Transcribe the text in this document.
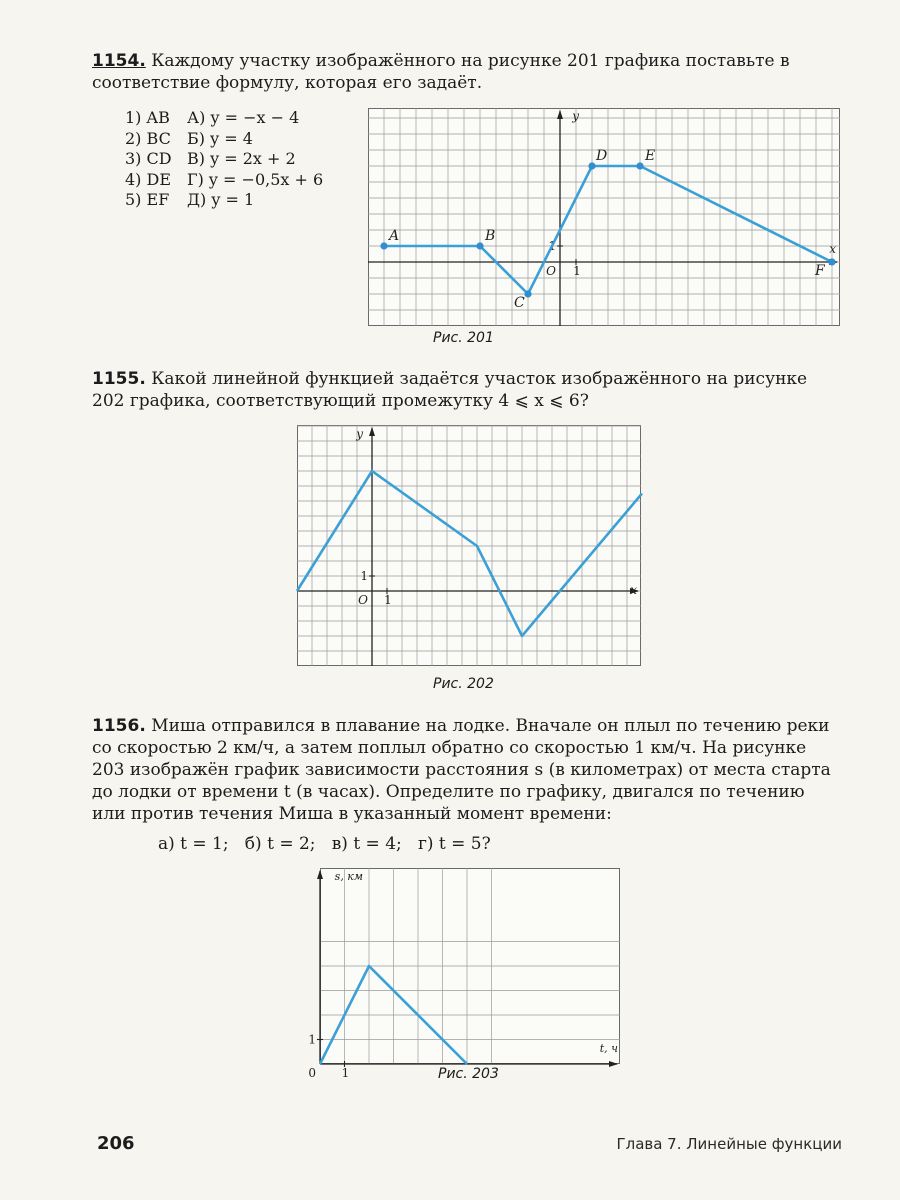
1154. Каждому участку изображённого на рисунке 201 графика поставьте в соответствие формулу, которая его задаёт.
1) AB А) y = −x − 4
2) BC Б) y = 4
3) CD В) y = 2x + 2
4) DE Г) y = −0,5x + 6
5) EF Д) y = 1
x
y
O 1
1
A	B
C
D	E
F
Рис. 201
1155. Какой линейной функцией задаётся участок изображённого на рисунке 202 графика, соответствующий промежутку 4 ⩽ x ⩽ 6?
x
y
O 1
1
Рис. 202
1156. Миша отправился в плавание на лодке. Вначале он плыл по течению реки со скоростью 2 км/ч, а затем поплыл обратно со скоростью 1 км/ч. На рисунке 203 изображён график зависимости расстояния s (в километрах) от места старта до лодки от времени t (в часах). Определите по графику, двигался по течению или против течения Миша в указанный момент времени:
а) t = 1;   б) t = 2;   в) t = 4;   г) t = 5?
t, ч
s, км
0 1
1
Рис. 203
206	Глава 7. Линейные функции
